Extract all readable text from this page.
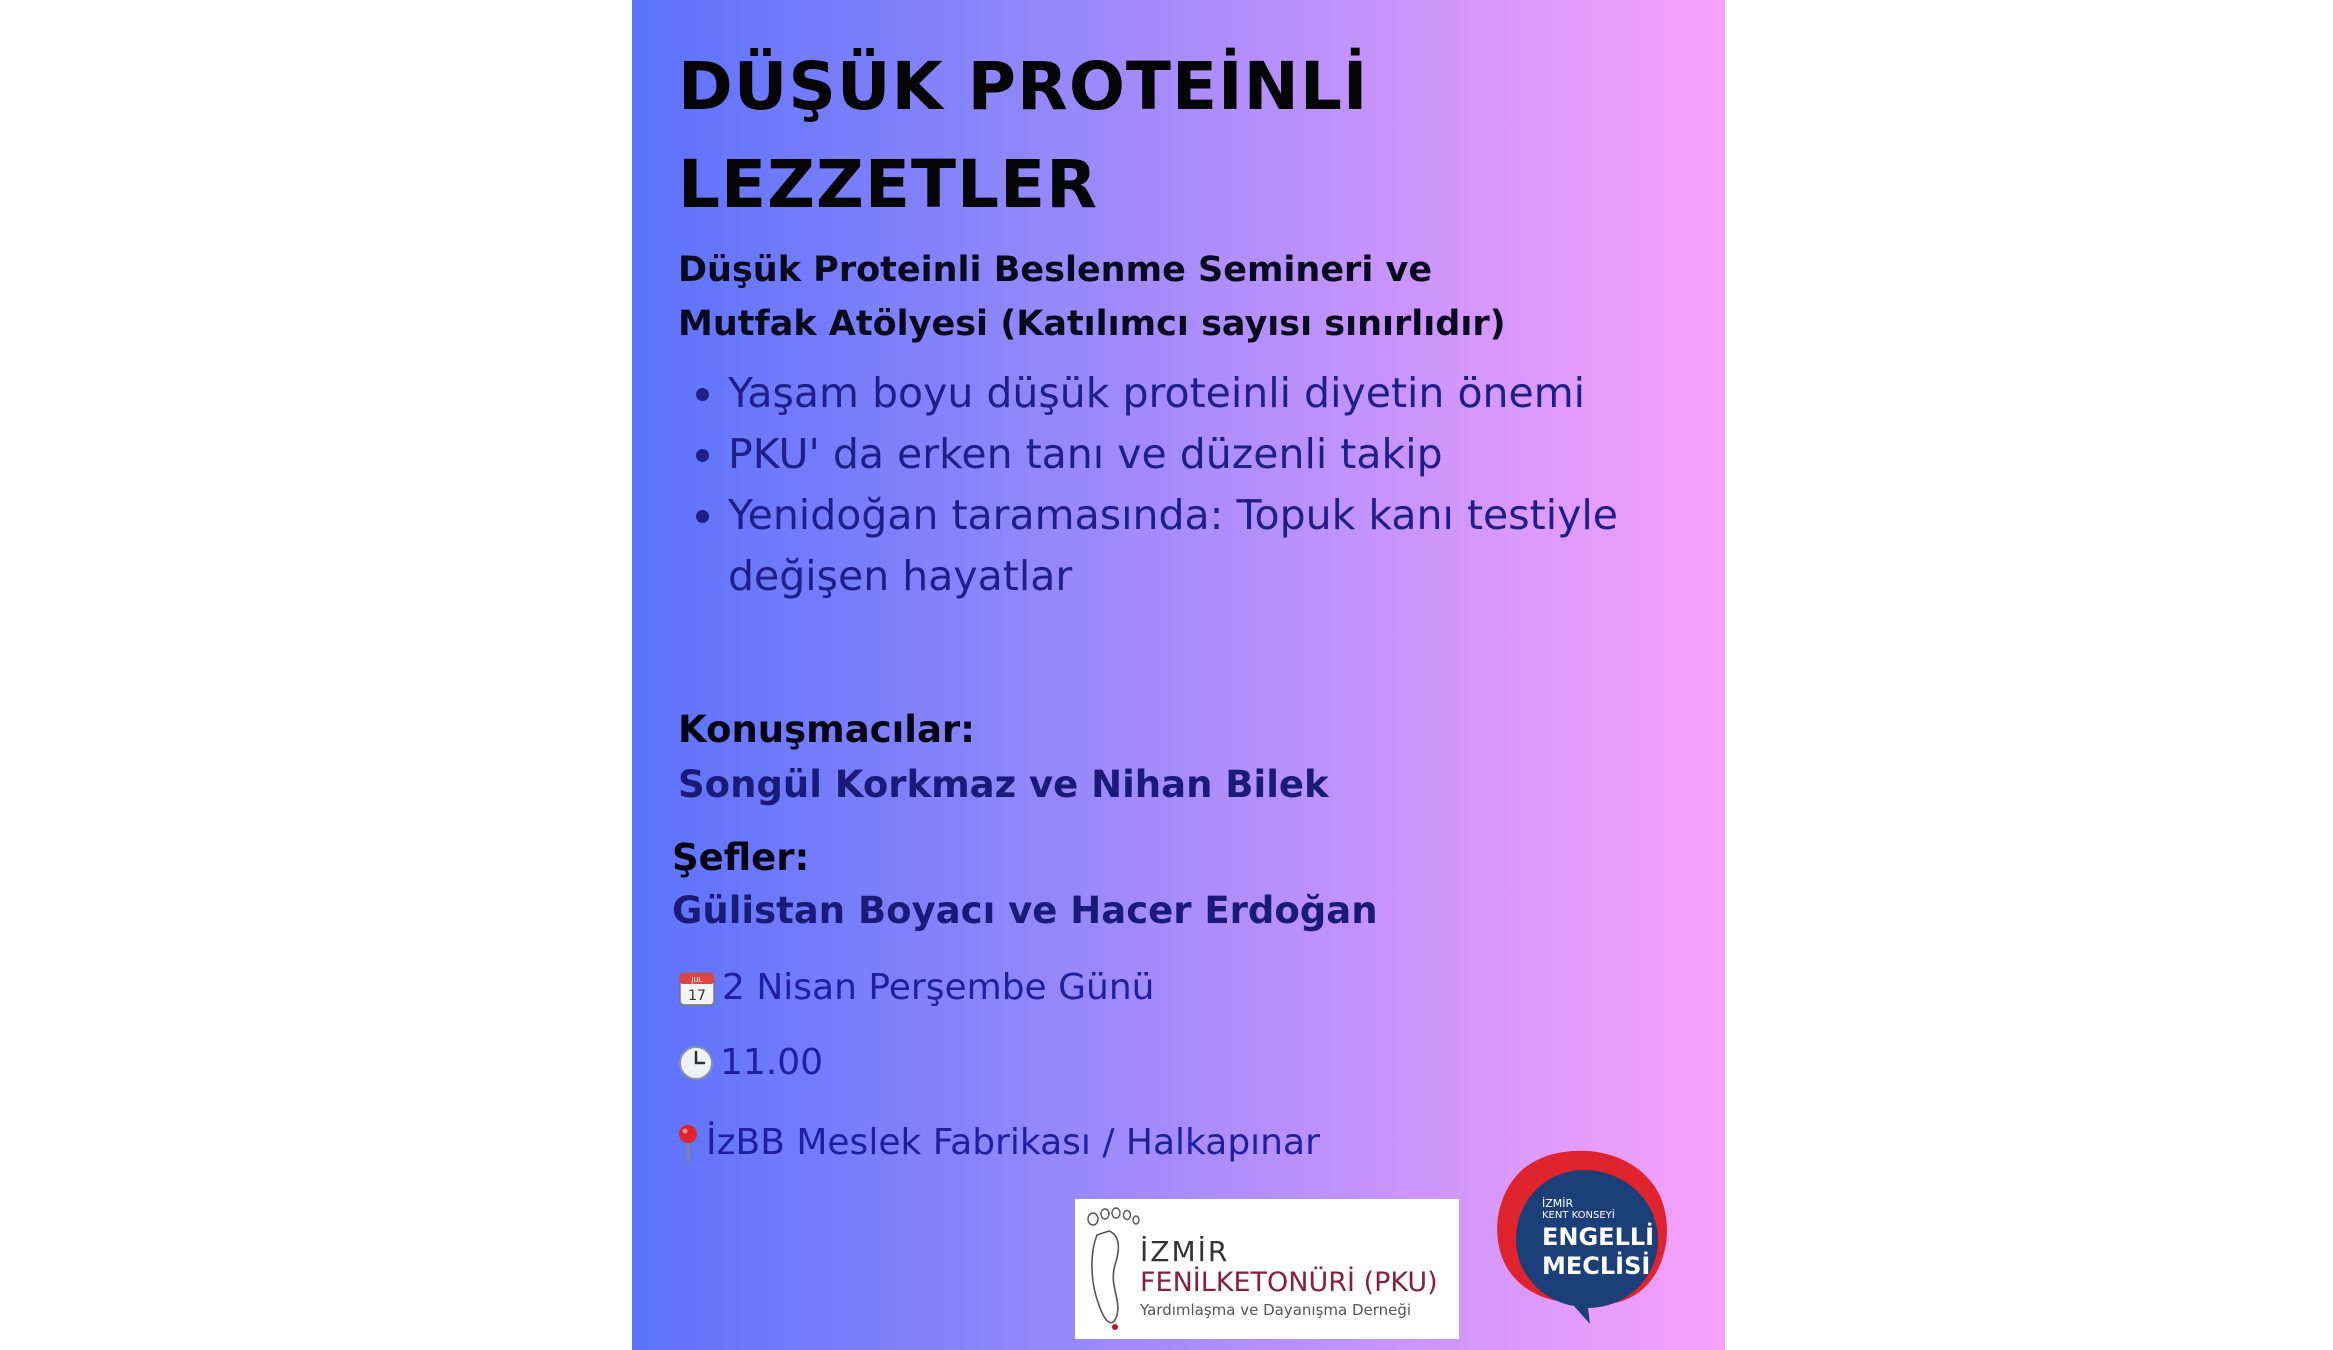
DÜŞÜK PROTEİNLİ
LEZZETLER

Düşük Proteinli Beslenme Semineri ve
Mutfak Atölyesi (Katılımcı sayısı sınırlıdır)

• Yaşam boyu düşük proteinli diyetin önemi
• PKU' da erken tanı ve düzenli takip
• Yenidoğan taramasında: Topuk kanı testiyle değişen hayatlar

Konuşmacılar:

Songül Korkmaz ve Nihan Bilek

Şefler:

Gülistan Boyacı ve Hacer Erdoğan

JUL
17 2 Nisan Perşembe Günü
11.00
İzBB Meslek Fabrikası / Halkapınar
İZMİR
FENİLKETONÜRİ (PKU)
Yardımlaşma ve Dayanışma Derneği
İZMİR
KENT KONSEYİ
ENGELLİ
MECLİSİ
